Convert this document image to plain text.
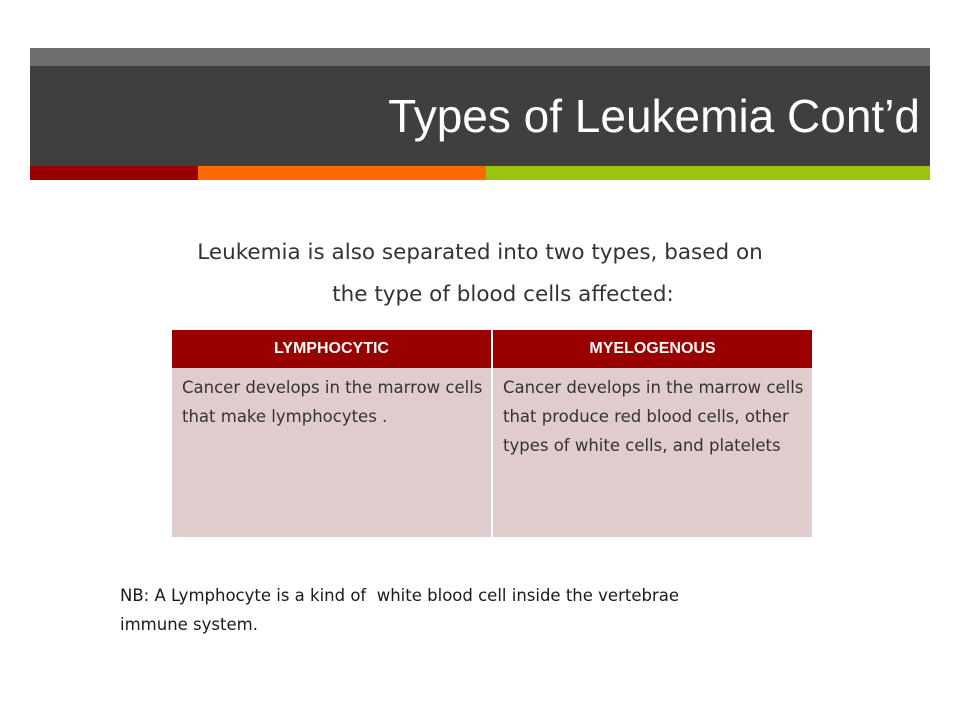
Types of Leukemia Cont’d
Leukemia is also separated into two types, based on
the type of blood cells affected:
LYMPHOCYTIC	MYELOGENOUS
Cancer develops in the marrow cells that make lymphocytes .	Cancer develops in the marrow cells that produce red blood cells, other types of white cells, and platelets
NB: A Lymphocyte is a kind of  white blood cell inside the vertebrae
immune system.
